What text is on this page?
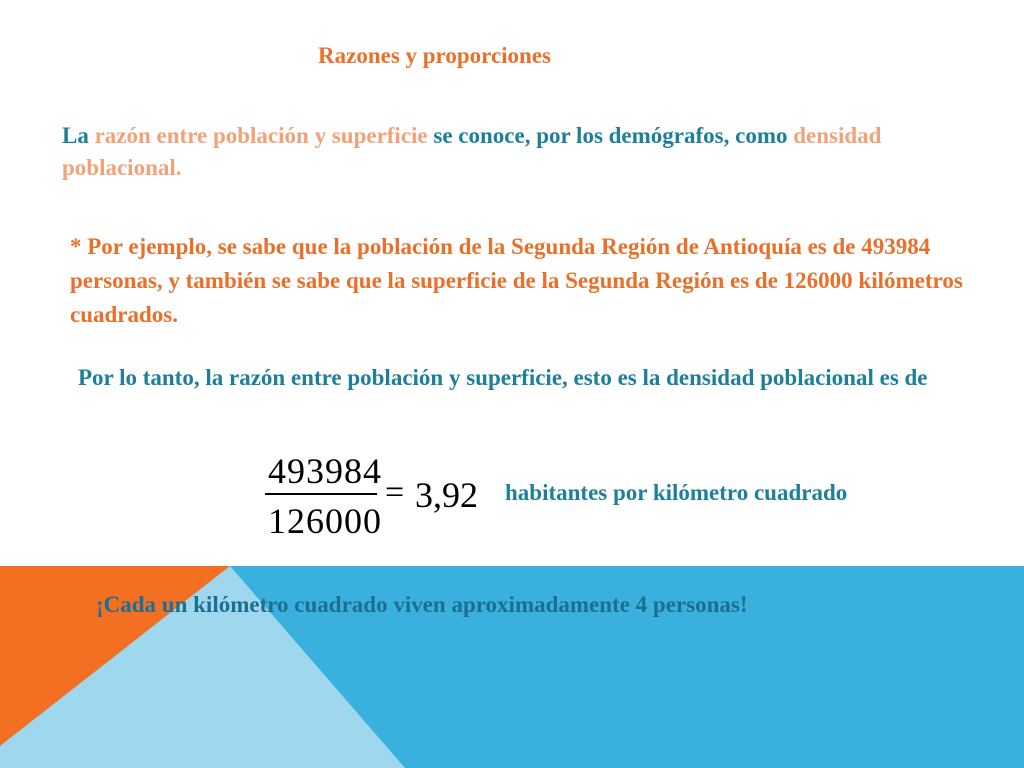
Razones y proporciones
La razón entre población y superficie se conoce, por los demógrafos, como densidad poblacional.
* Por ejemplo, se sabe que la población de la Segunda Región de Antioquía es de 493984 personas, y también se sabe que la superficie de la Segunda Región es de 126000 kilómetros cuadrados.
Por lo tanto, la razón entre población y superficie, esto es la densidad poblacional es de
493984
126000
= 3,92 habitantes por kilómetro cuadrado
¡Cada un kilómetro cuadrado viven aproximadamente 4 personas!
